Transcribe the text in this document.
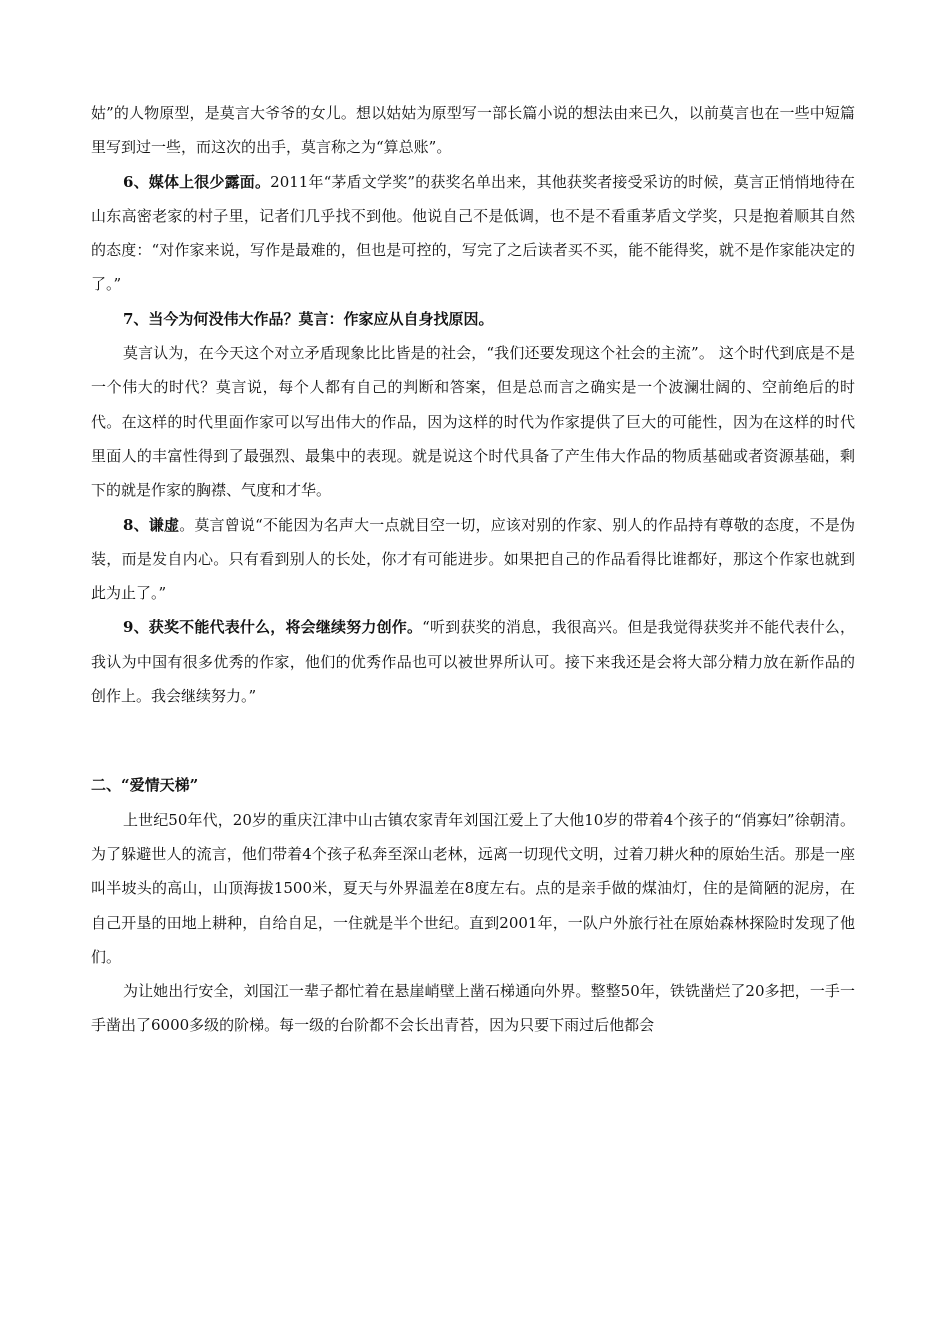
姑”的人物原型，是莫言大爷爷的女儿。想以姑姑为原型写一部长篇小说的想法由来已久，以前莫言也在一些中短篇里写到过一些，而这次的出手，莫言称之为“算总账”。

6、媒体上很少露面。2011年“茅盾文学奖”的获奖名单出来，其他获奖者接受采访的时候，莫言正悄悄地待在山东高密老家的村子里，记者们几乎找不到他。他说自己不是低调，也不是不看重茅盾文学奖，只是抱着顺其自然的态度：“对作家来说，写作是最难的，但也是可控的，写完了之后读者买不买，能不能得奖，就不是作家能决定的了。”

7、当今为何没伟大作品？莫言：作家应从自身找原因。

莫言认为，在今天这个对立矛盾现象比比皆是的社会，“我们还要发现这个社会的主流”。 这个时代到底是不是一个伟大的时代？莫言说，每个人都有自己的判断和答案，但是总而言之确实是一个波澜壮阔的、空前绝后的时代。在这样的时代里面作家可以写出伟大的作品，因为这样的时代为作家提供了巨大的可能性，因为在这样的时代里面人的丰富性得到了最强烈、最集中的表现。就是说这个时代具备了产生伟大作品的物质基础或者资源基础，剩下的就是作家的胸襟、气度和才华。

8、谦虚。莫言曾说“不能因为名声大一点就目空一切，应该对别的作家、别人的作品持有尊敬的态度，不是伪装，而是发自内心。只有看到别人的长处，你才有可能进步。如果把自己的作品看得比谁都好，那这个作家也就到此为止了。”

9、获奖不能代表什么，将会继续努力创作。“听到获奖的消息，我很高兴。但是我觉得获奖并不能代表什么，我认为中国有很多优秀的作家，他们的优秀作品也可以被世界所认可。接下来我还是会将大部分精力放在新作品的创作上。我会继续努力。”

二、“爱情天梯”

上世纪50年代，20岁的重庆江津中山古镇农家青年刘国江爱上了大他10岁的带着4个孩子的“俏寡妇”徐朝清。为了躲避世人的流言，他们带着4个孩子私奔至深山老林，远离一切现代文明，过着刀耕火种的原始生活。那是一座叫半坡头的高山，山顶海拔1500米，夏天与外界温差在8度左右。点的是亲手做的煤油灯，住的是简陋的泥房，在自己开垦的田地上耕种，自给自足，一住就是半个世纪。直到2001年，一队户外旅行社在原始森林探险时发现了他们。

为让她出行安全，刘国江一辈子都忙着在悬崖峭壁上凿石梯通向外界。整整50年，铁铣凿烂了20多把，一手一手凿出了6000多级的阶梯。每一级的台阶都不会长出青苔，因为只要下雨过后他都会
